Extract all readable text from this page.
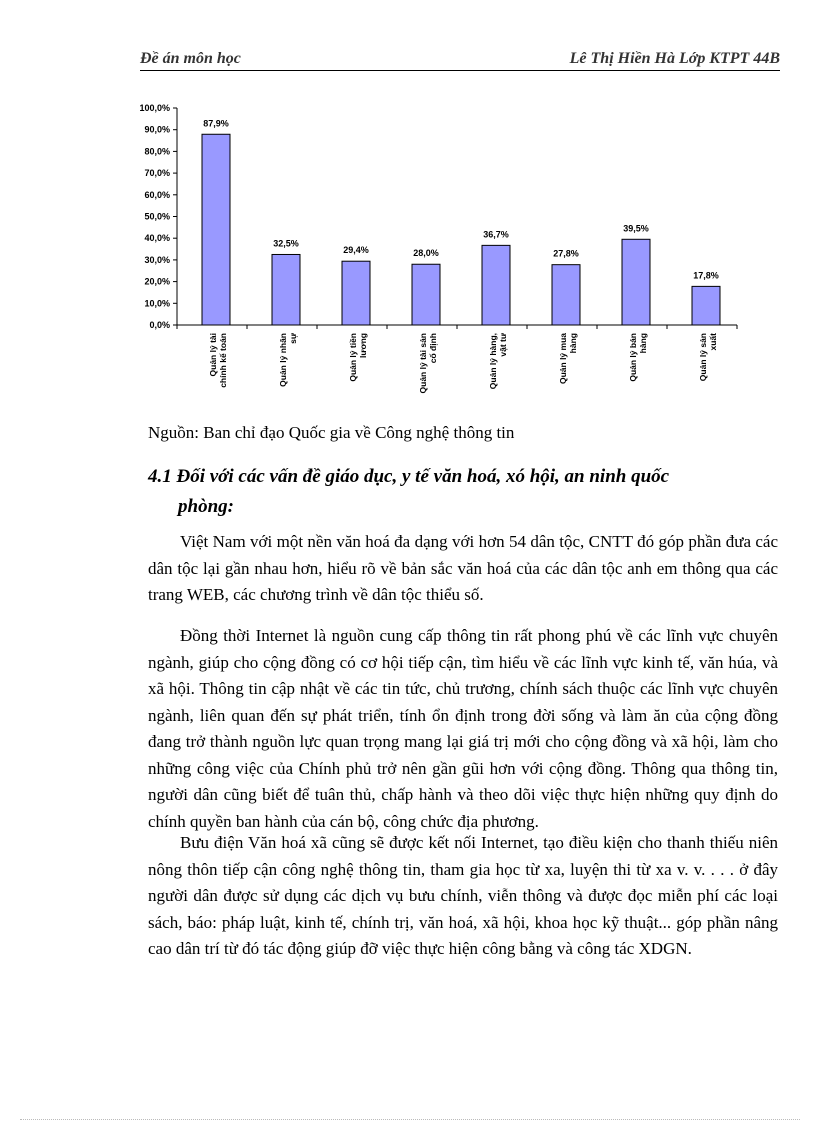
Đề án môn học	Lê Thị Hiền Hà Lớp KTPT 44B
0,0%
10,0%
20,0%
30,0%
40,0%
50,0%
60,0%
70,0%
80,0%
90,0%
100,0%
87,9%
Quản lý tài chính kế toán
32,5%
Quản lý nhân sự
29,4%
Quản lý tiền lương
28,0%
Quản lý tài sản cố định
36,7%
Quản lý hàng, vật tư
27,8%
Quản lý mua hàng
39,5%
Quản lý bán hàng
17,8%
Quản lý sản xuất
Nguồn: Ban chỉ đạo Quốc gia về Công nghệ thông tin
4.1 Đối với các vấn đề giáo dục, y tế văn hoá, xó hội, an ninh quốc
phòng:

Việt Nam với một nền văn hoá đa dạng với hơn 54 dân tộc, CNTT đó góp phần đưa các dân tộc lại gần nhau hơn, hiểu rõ về bản sắc văn hoá của các dân tộc anh em thông qua các trang WEB, các chương trình về dân tộc thiểu số.

Đồng thời Internet là nguồn cung cấp thông tin rất phong phú về các lĩnh vực chuyên ngành, giúp cho cộng đồng có cơ hội tiếp cận, tìm hiểu về các lĩnh vực kinh tế, văn húa, và xã hội. Thông tin cập nhật về các tin tức, chủ trương, chính sách thuộc các lĩnh vực chuyên ngành, liên quan đến sự phát triển, tính ổn định trong đời sống và làm ăn của cộng đồng đang trở thành nguồn lực quan trọng mang lại giá trị mới cho cộng đồng và xã hội, làm cho những công việc của Chính phủ trở nên gần gũi hơn với cộng đồng. Thông qua thông tin, người dân cũng biết để tuân thủ, chấp hành và theo dõi việc thực hiện những quy định do chính quyền ban hành của cán bộ, công chức địa phương.

Bưu điện Văn hoá xã cũng sẽ được kết nối Internet, tạo điều kiện cho thanh thiếu niên nông thôn tiếp cận công nghệ thông tin, tham gia học từ xa, luyện thi từ xa v. v. . . . ở đây người dân được sử dụng các dịch vụ bưu chính, viễn thông và được đọc miễn phí các loại sách, báo: pháp luật, kinh tế, chính trị, văn hoá, xã hội, khoa học kỹ thuật... góp phần nâng cao dân trí từ đó tác động giúp đỡ việc thực hiện công bằng và công tác XDGN.
